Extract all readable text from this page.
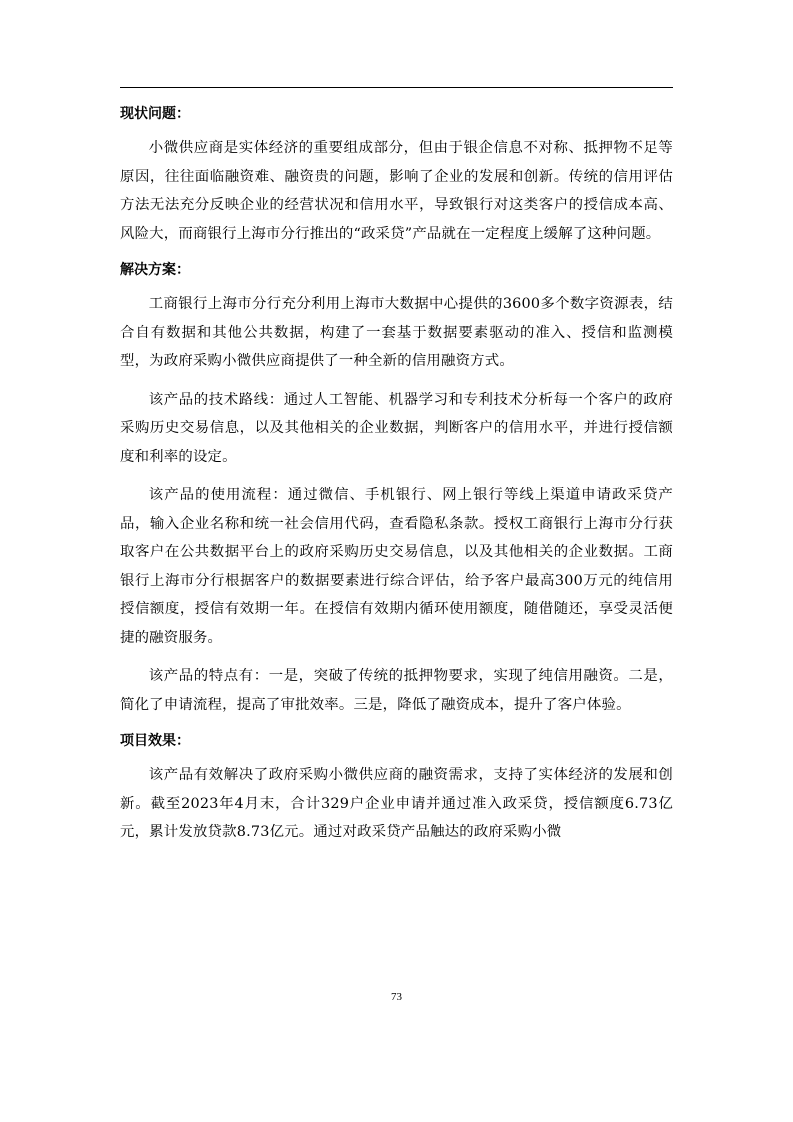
现状问题：

小微供应商是实体经济的重要组成部分，但由于银企信息不对称、抵押物不足等原因，往往面临融资难、融资贵的问题，影响了企业的发展和创新。传统的信用评估方法无法充分反映企业的经营状况和信用水平，导致银行对这类客户的授信成本高、风险大，而商银行上海市分行推出的“政采贷”产品就在一定程度上缓解了这种问题。

解决方案：

工商银行上海市分行充分利用上海市大数据中心提供的3600多个数字资源表，结合自有数据和其他公共数据，构建了一套基于数据要素驱动的准入、授信和监测模型，为政府采购小微供应商提供了一种全新的信用融资方式。

该产品的技术路线：通过人工智能、机器学习和专利技术分析每一个客户的政府采购历史交易信息，以及其他相关的企业数据，判断客户的信用水平，并进行授信额度和利率的设定。

该产品的使用流程：通过微信、手机银行、网上银行等线上渠道申请政采贷产品，输入企业名称和统一社会信用代码，查看隐私条款。授权工商银行上海市分行获取客户在公共数据平台上的政府采购历史交易信息，以及其他相关的企业数据。工商银行上海市分行根据客户的数据要素进行综合评估，给予客户最高300万元的纯信用授信额度，授信有效期一年。在授信有效期内循环使用额度，随借随还，享受灵活便捷的融资服务。

该产品的特点有：一是，突破了传统的抵押物要求，实现了纯信用融资。二是，简化了申请流程，提高了审批效率。三是，降低了融资成本，提升了客户体验。

项目效果：

该产品有效解决了政府采购小微供应商的融资需求，支持了实体经济的发展和创新。截至2023年4月末，合计329户企业申请并通过准入政采贷，授信额度6.73亿元，累计发放贷款8.73亿元。通过对政采贷产品触达的政府采购小微

73
